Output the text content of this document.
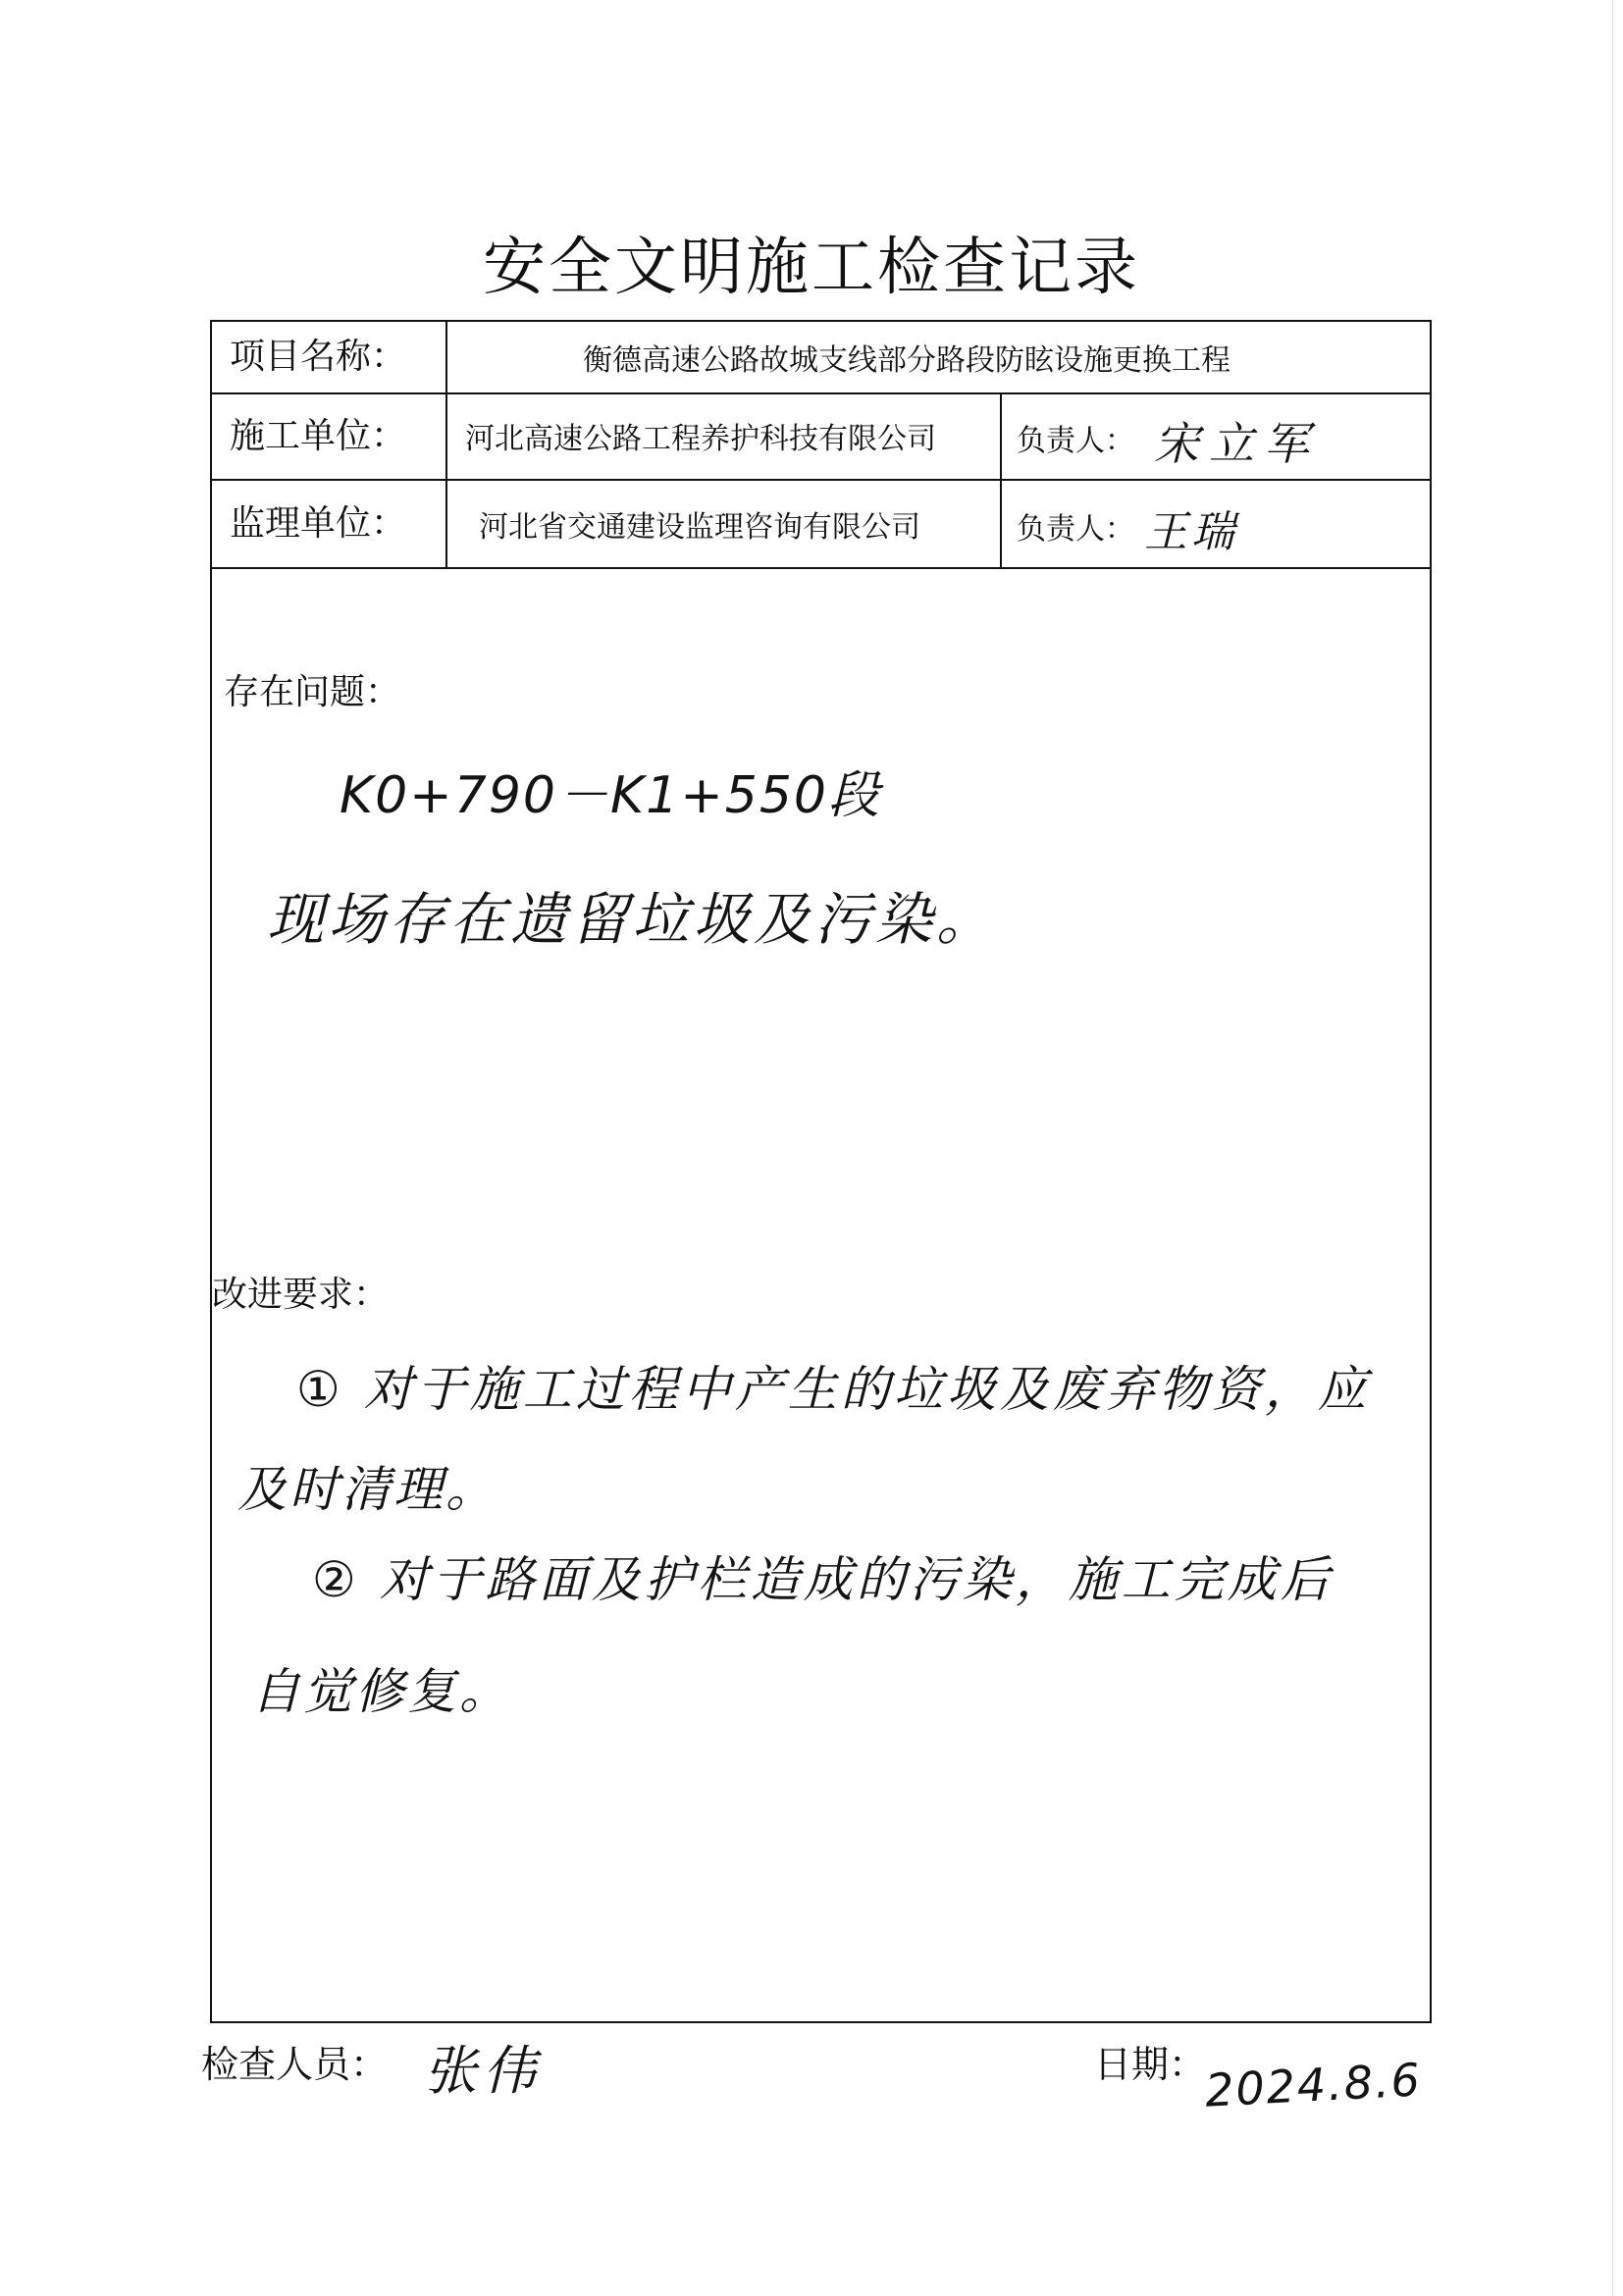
安全文明施工检查记录
项目名称：	衡德高速公路故城支线部分路段防眩设施更换工程
施工单位： 河北高速公路工程养护科技有限公司	负责人： 宋立军
监理单位： 河北省交通建设监理咨询有限公司	负责人： 王瑞
存在问题：
K0+790－K1+550段
现场存在遗留垃圾及污染。
改进要求：
① 对于施工过程中产生的垃圾及废弃物资，应
及时清理。
② 对于路面及护栏造成的污染，施工完成后
自觉修复。
检查人员： 张伟	日期：
2024.8.6
